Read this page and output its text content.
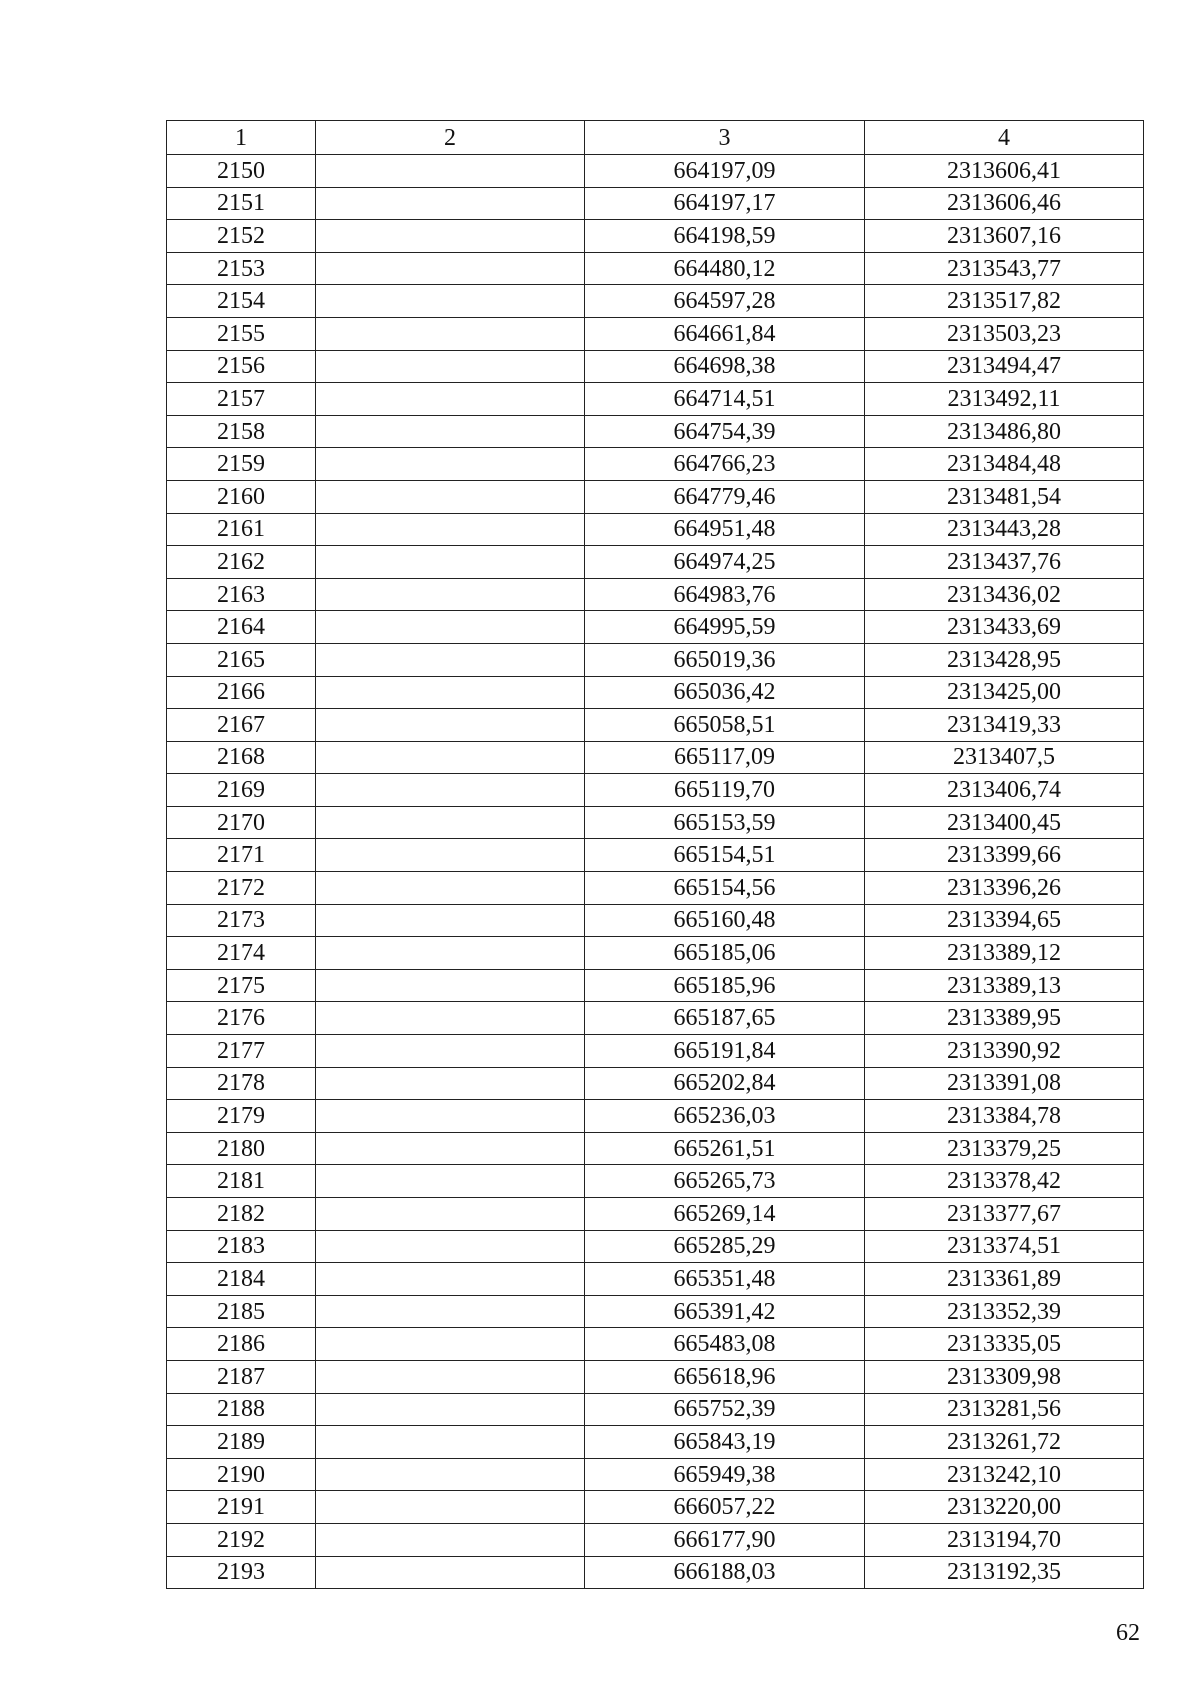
1	2	3	4
2150		664197,09	2313606,41
2151		664197,17	2313606,46
2152		664198,59	2313607,16
2153		664480,12	2313543,77
2154		664597,28	2313517,82
2155		664661,84	2313503,23
2156		664698,38	2313494,47
2157		664714,51	2313492,11
2158		664754,39	2313486,80
2159		664766,23	2313484,48
2160		664779,46	2313481,54
2161		664951,48	2313443,28
2162		664974,25	2313437,76
2163		664983,76	2313436,02
2164		664995,59	2313433,69
2165		665019,36	2313428,95
2166		665036,42	2313425,00
2167		665058,51	2313419,33
2168		665117,09	2313407,5
2169		665119,70	2313406,74
2170		665153,59	2313400,45
2171		665154,51	2313399,66
2172		665154,56	2313396,26
2173		665160,48	2313394,65
2174		665185,06	2313389,12
2175		665185,96	2313389,13
2176		665187,65	2313389,95
2177		665191,84	2313390,92
2178		665202,84	2313391,08
2179		665236,03	2313384,78
2180		665261,51	2313379,25
2181		665265,73	2313378,42
2182		665269,14	2313377,67
2183		665285,29	2313374,51
2184		665351,48	2313361,89
2185		665391,42	2313352,39
2186		665483,08	2313335,05
2187		665618,96	2313309,98
2188		665752,39	2313281,56
2189		665843,19	2313261,72
2190		665949,38	2313242,10
2191		666057,22	2313220,00
2192		666177,90	2313194,70
2193		666188,03	2313192,35
62
